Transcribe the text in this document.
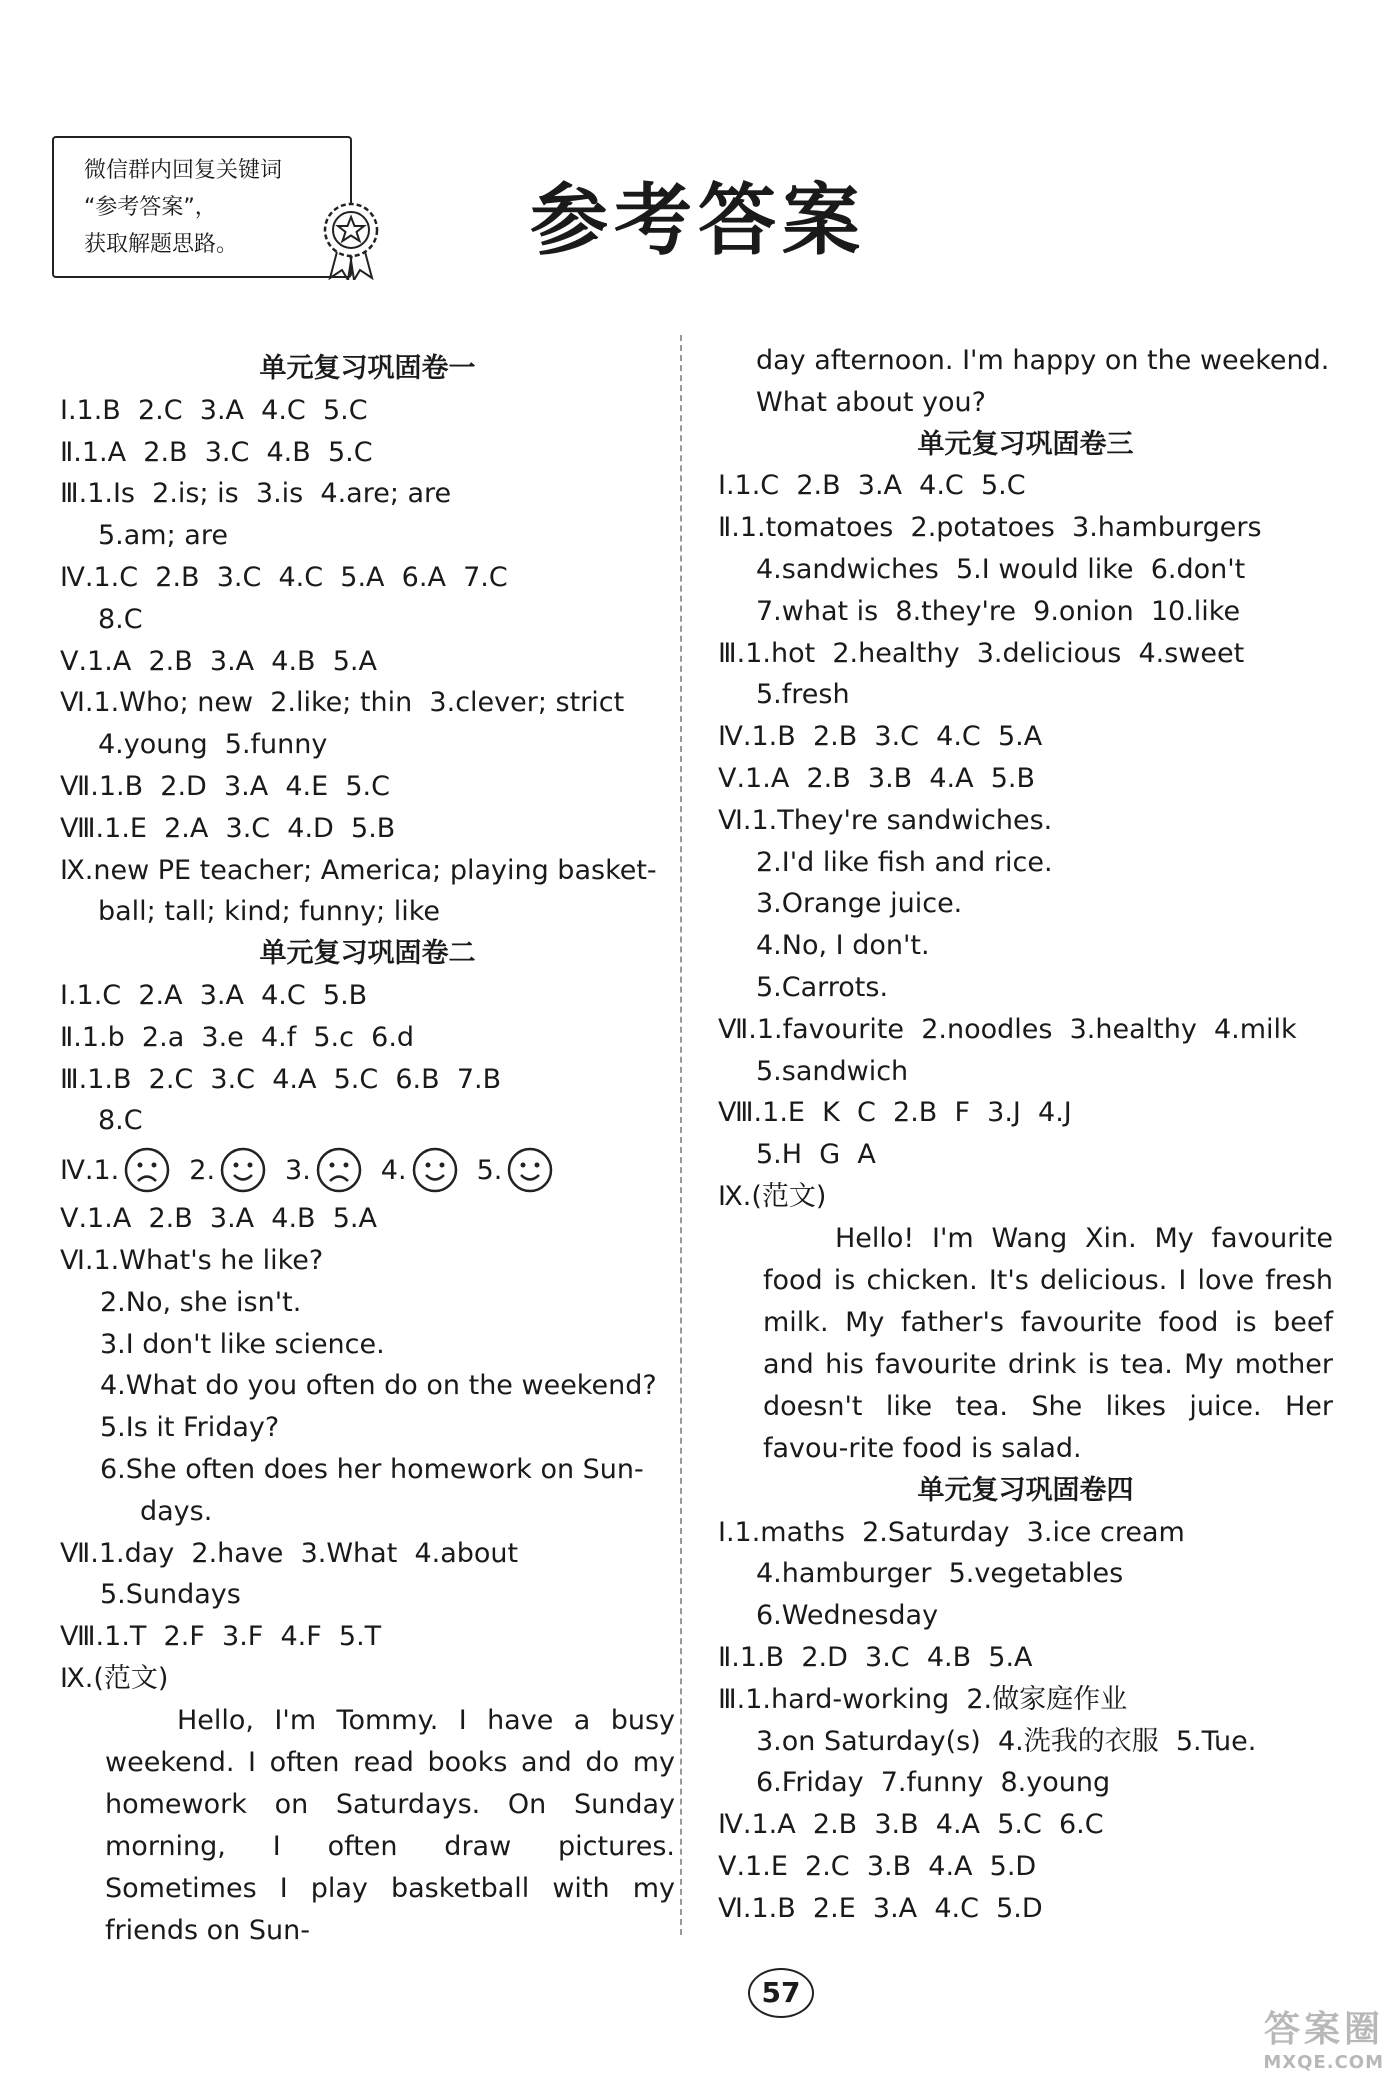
微信群内回复关键词
“参考答案”，
获取解题思路。	参考答案
单元复习巩固卷一
Ⅰ.1.B  2.C  3.A  4.C  5.C
Ⅱ.1.A  2.B  3.C  4.B  5.C
Ⅲ.1.Is  2.is; is  3.is  4.are; are
5.am; are
Ⅳ.1.C  2.B  3.C  4.C  5.A  6.A  7.C
8.C
Ⅴ.1.A  2.B  3.A  4.B  5.A
Ⅵ.1.Who; new  2.like; thin  3.clever; strict
4.young  5.funny
Ⅶ.1.B  2.D  3.A  4.E  5.C
Ⅷ.1.E  2.A  3.C  4.D  5.B
Ⅸ.new PE teacher; America; playing basket-
ball; tall; kind; funny; like
单元复习巩固卷二
Ⅰ.1.C  2.A  3.A  4.C  5.B
Ⅱ.1.b  2.a  3.e  4.f  5.c  6.d
Ⅲ.1.B  2.C  3.C  4.A  5.C  6.B  7.B
8.C
Ⅳ. 1.	2.	3.	4.	5.
Ⅴ.1.A  2.B  3.A  4.B  5.A
Ⅵ.1.What's he like?
2.No, she isn't.
3.I don't like science.
4.What do you often do on the weekend?
5.Is it Friday?
6.She often does her homework on Sun-
days.
Ⅶ.1.day  2.have  3.What  4.about
5.Sundays
Ⅷ.1.T  2.F  3.F  4.F  5.T
Ⅸ.(范文)
Hello, I'm Tommy. I have a busy weekend. I often read books and do my homework on Saturdays. On Sunday morning, I often draw pictures. Sometimes I play basketball with my friends on Sun-
day afternoon. I'm happy on the weekend.
What about you?
单元复习巩固卷三
Ⅰ.1.C  2.B  3.A  4.C  5.C
Ⅱ.1.tomatoes  2.potatoes  3.hamburgers
4.sandwiches  5.I would like  6.don't
7.what is  8.they're  9.onion  10.like
Ⅲ.1.hot  2.healthy  3.delicious  4.sweet
5.fresh
Ⅳ.1.B  2.B  3.C  4.C  5.A
Ⅴ.1.A  2.B  3.B  4.A  5.B
Ⅵ.1.They're sandwiches.
2.I'd like fish and rice.
3.Orange juice.
4.No, I don't.
5.Carrots.
Ⅶ.1.favourite  2.noodles  3.healthy  4.milk
5.sandwich
Ⅷ.1.E  K  C  2.B  F  3.J  4.J
5.H  G  A
Ⅸ.(范文)
Hello! I'm Wang Xin. My favourite food is chicken. It's delicious. I love fresh milk. My father's favourite food is beef and his favourite drink is tea. My mother doesn't like tea. She likes juice. Her favou-rite food is salad.
单元复习巩固卷四
Ⅰ.1.maths  2.Saturday  3.ice cream
4.hamburger  5.vegetables
6.Wednesday
Ⅱ.1.B  2.D  3.C  4.B  5.A
Ⅲ.1.hard-working  2.做家庭作业
3.on Saturday(s)  4.洗我的衣服  5.Tue.
6.Friday  7.funny  8.young
Ⅳ.1.A  2.B  3.B  4.A  5.C  6.C
Ⅴ.1.E  2.C  3.B  4.A  5.D
Ⅵ.1.B  2.E  3.A  4.C  5.D
57
答案圈
MXQE.COM
